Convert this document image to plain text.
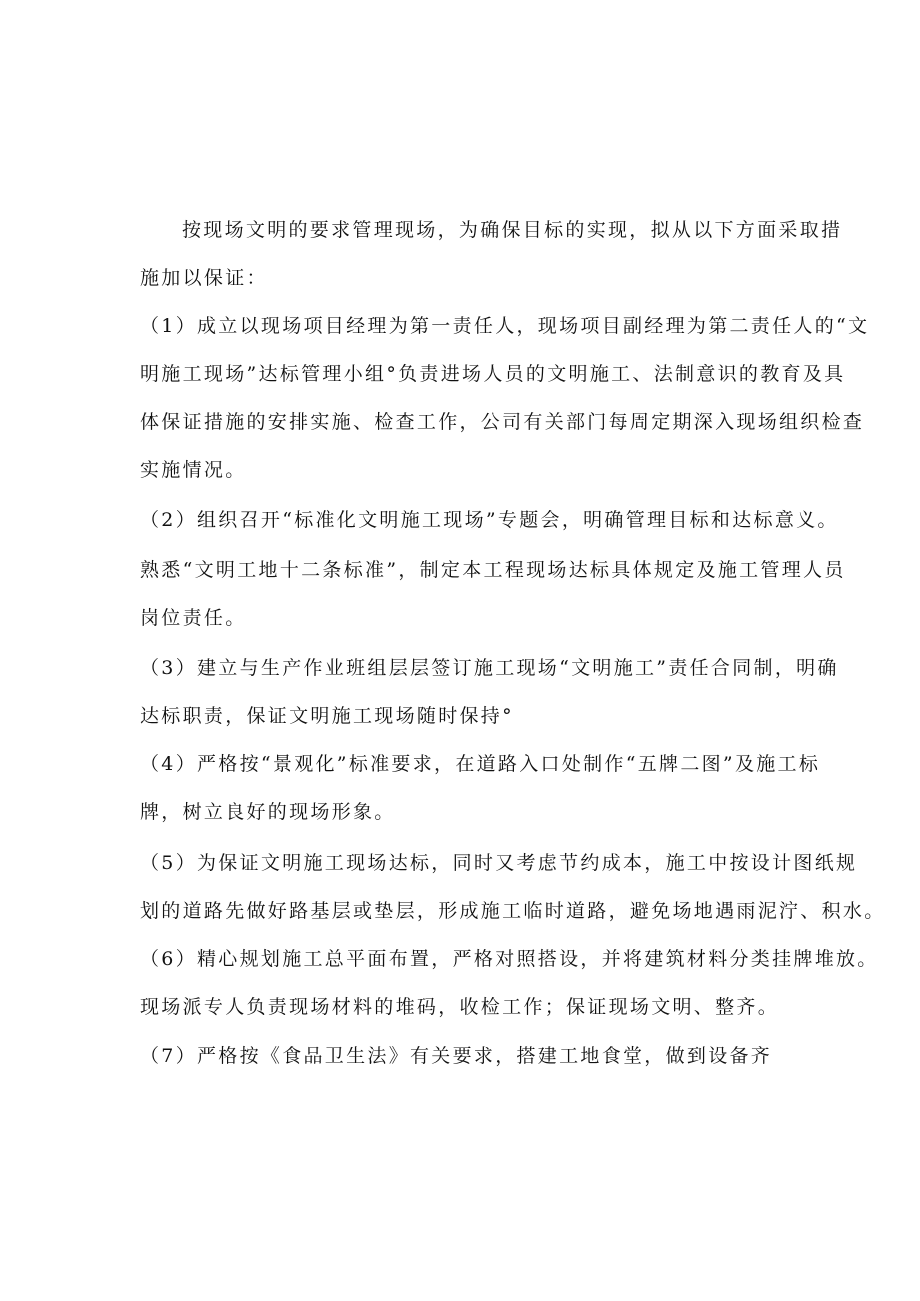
按现场文明的要求管理现场，为确保目标的实现，拟从以下方面采取措

施加以保证：

（1）成立以现场项目经理为第一责任人，现场项目副经理为第二责任人的“文

明施工现场”达标管理小组°负责进场人员的文明施工、法制意识的教育及具

体保证措施的安排实施、检查工作，公司有关部门每周定期深入现场组织检查

实施情况。

（2）组织召开“标准化文明施工现场”专题会，明确管理目标和达标意义。

熟悉“文明工地十二条标准”，制定本工程现场达标具体规定及施工管理人员

岗位责任。

（3）建立与生产作业班组层层签订施工现场“文明施工”责任合同制，明确

达标职责，保证文明施工现场随时保持°

（4）严格按“景观化”标准要求，在道路入口处制作“五牌二图”及施工标

牌，树立良好的现场形象。

（5）为保证文明施工现场达标，同时又考虑节约成本，施工中按设计图纸规

划的道路先做好路基层或垫层，形成施工临时道路，避免场地遇雨泥泞、积水。

（6）精心规划施工总平面布置，严格对照搭设，并将建筑材料分类挂牌堆放。

现场派专人负责现场材料的堆码，收检工作；保证现场文明、整齐。

（7）严格按《食品卫生法》有关要求，搭建工地食堂，做到设备齐
